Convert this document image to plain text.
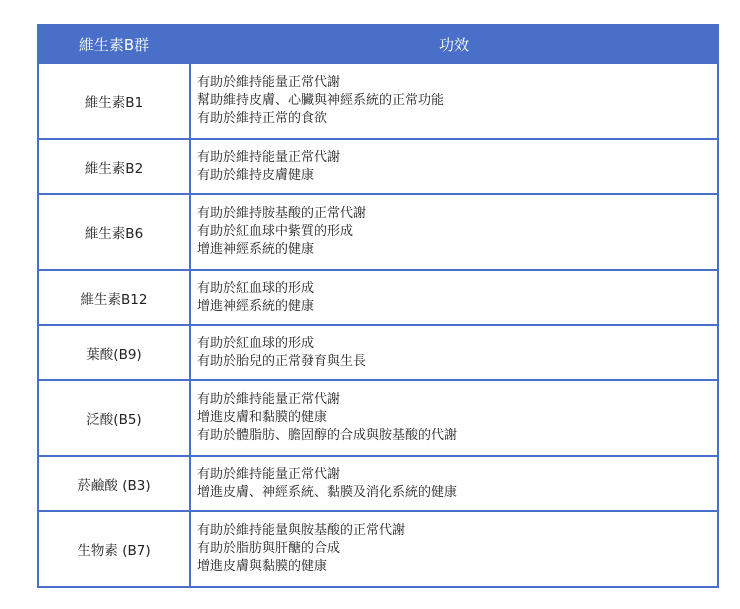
維生素B群	功效
維生素B1	有助於維持能量正常代謝
幫助維持皮膚、心臟與神經系統的正常功能
有助於維持正常的食欲

維生素B2	有助於維持能量正常代謝
有助於維持皮膚健康

維生素B6	有助於維持胺基酸的正常代謝
有助於紅血球中紫質的形成
增進神經系統的健康

維生素B12	有助於紅血球的形成
增進神經系統的健康

葉酸(B9)	有助於紅血球的形成
有助於胎兒的正常發育與生長

泛酸(B5)	有助於維持能量正常代謝
增進皮膚和黏膜的健康
有助於體脂肪、膽固醇的合成與胺基酸的代謝

菸鹼酸 (B3)	有助於維持能量正常代謝
增進皮膚、神經系統、黏膜及消化系統的健康

生物素 (B7)	有助於維持能量與胺基酸的正常代謝
有助於脂肪與肝醣的合成
增進皮膚與黏膜的健康
